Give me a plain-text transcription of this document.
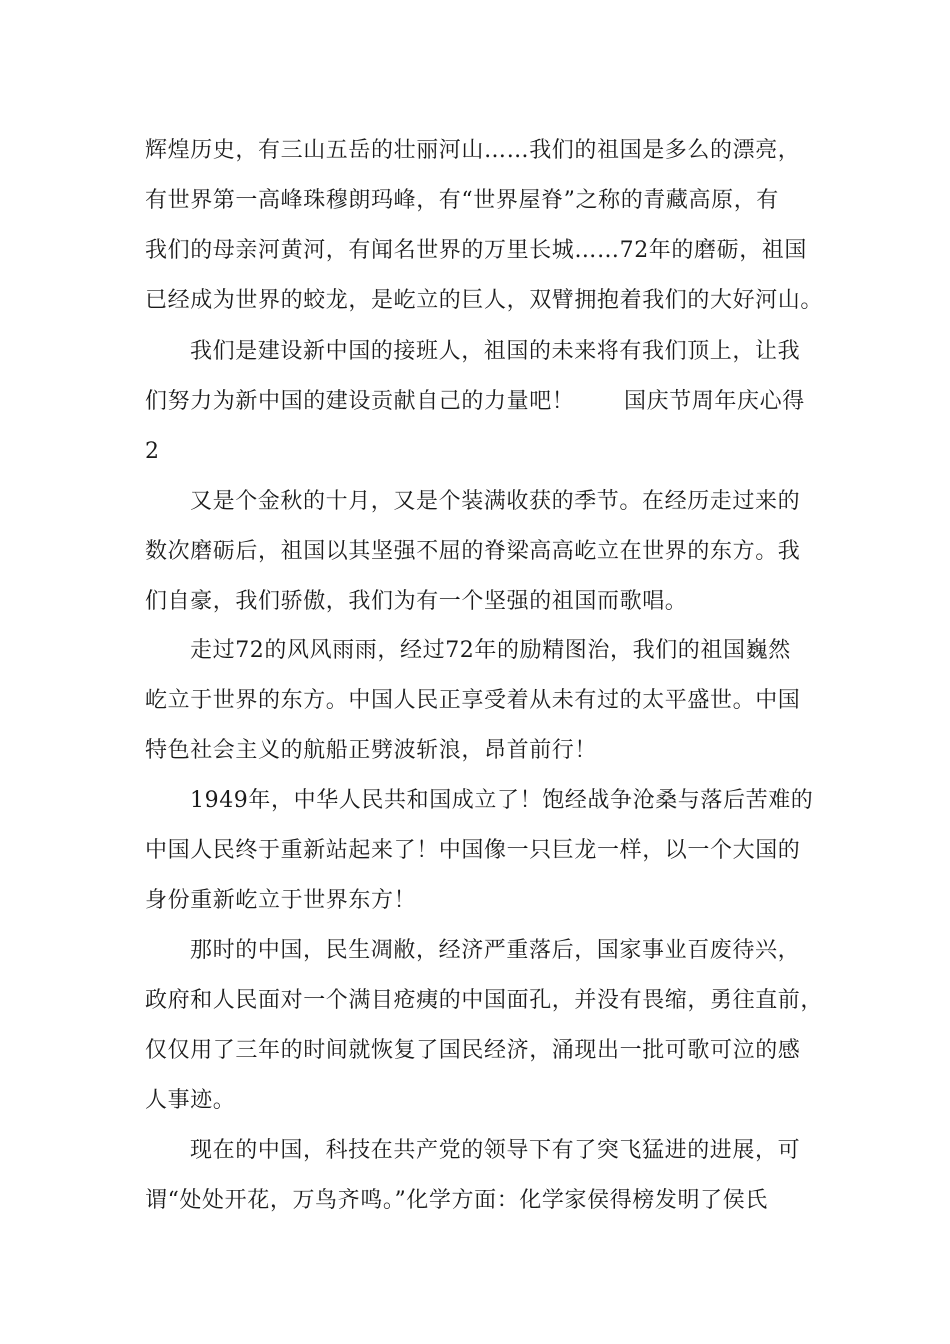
辉煌历史，有三山五岳的壮丽河山……我们的祖国是多么的漂亮，
有世界第一高峰珠穆朗玛峰，有“世界屋脊”之称的青藏高原，有
我们的母亲河黄河，有闻名世界的万里长城……72年的磨砺，祖国
已经成为世界的蛟龙，是屹立的巨人，双臂拥抱着我们的大好河山。
我们是建设新中国的接班人，祖国的未来将有我们顶上，让我
们努力为新中国的建设贡献自己的力量吧！ 国庆节周年庆心得
2
又是个金秋的十月，又是个装满收获的季节。在经历走过来的
数次磨砺后，祖国以其坚强不屈的脊梁高高屹立在世界的东方。我
们自豪，我们骄傲，我们为有一个坚强的祖国而歌唱。
走过72的风风雨雨，经过72年的励精图治，我们的祖国巍然
屹立于世界的东方。中国人民正享受着从未有过的太平盛世。中国
特色社会主义的航船正劈波斩浪，昂首前行！
1949年，中华人民共和国成立了！饱经战争沧桑与落后苦难的
中国人民终于重新站起来了！中国像一只巨龙一样，以一个大国的
身份重新屹立于世界东方！
那时的中国，民生凋敝，经济严重落后，国家事业百废待兴，
政府和人民面对一个满目疮痍的中国面孔，并没有畏缩，勇往直前，
仅仅用了三年的时间就恢复了国民经济，涌现出一批可歌可泣的感
人事迹。
现在的中国，科技在共产党的领导下有了突飞猛进的进展，可
谓“处处开花，万鸟齐鸣。”化学方面：化学家侯得榜发明了侯氏
